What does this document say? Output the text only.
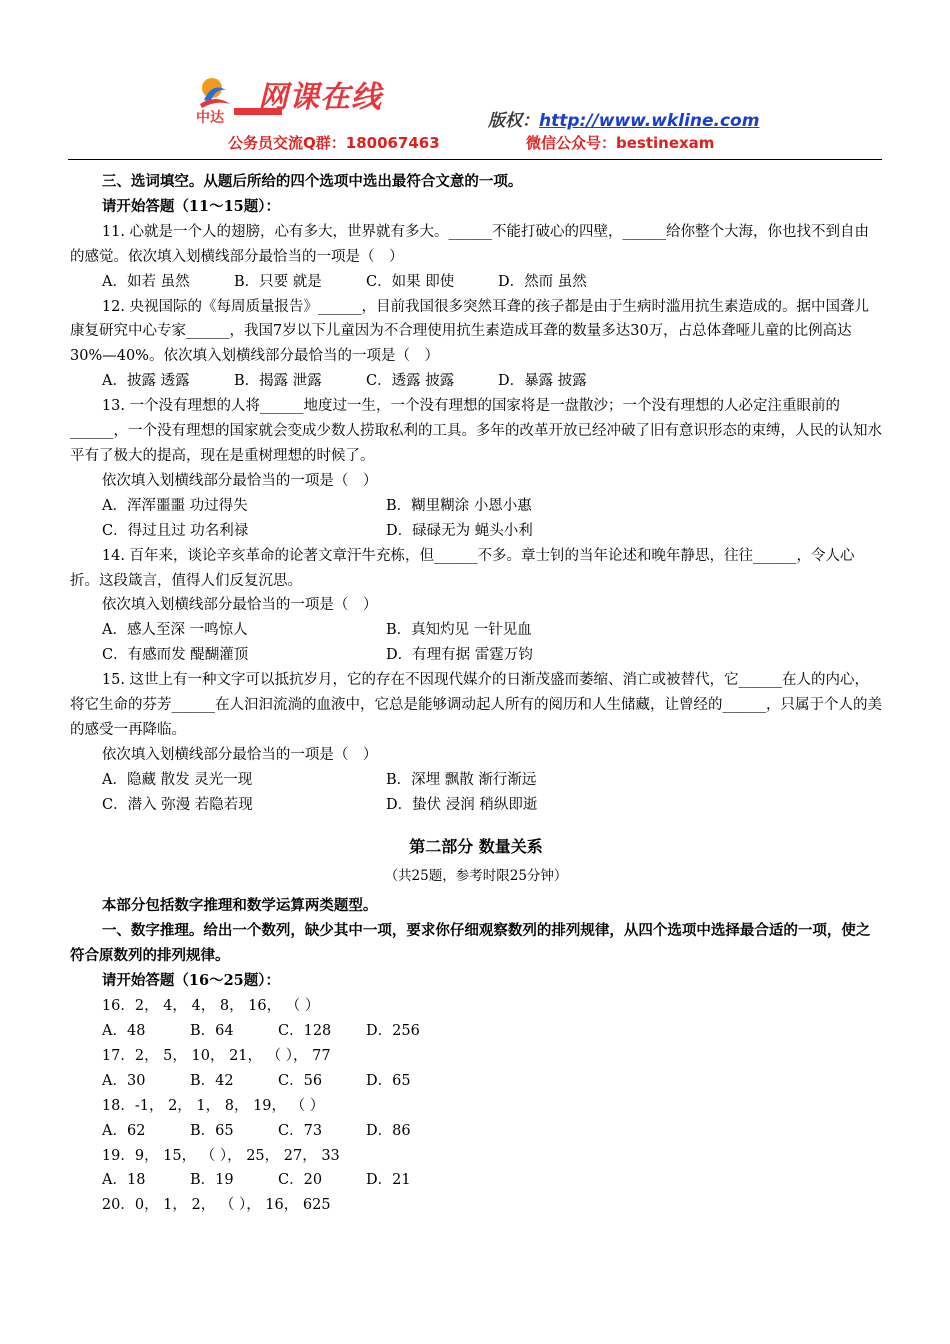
中达
网课在线
版权：http://www.wkline.com
公务员交流Q群：180067463	微信公众号：bestinexam

三、选词填空。从题后所给的四个选项中选出最符合文意的一项。

请开始答题（11～15题）：

11. 心就是一个人的翅膀，心有多大，世界就有多大。______不能打破心的四壁，______给你整个大海，你也找不到自由的感觉。依次填入划横线部分最恰当的一项是（　）

A．如若 虽然	B．只要 就是	C．如果 即使	D．然而 虽然

12. 央视国际的《每周质量报告》______，目前我国很多突然耳聋的孩子都是由于生病时滥用抗生素造成的。据中国聋儿康复研究中心专家______，我国7岁以下儿童因为不合理使用抗生素造成耳聋的数量多达30万，占总体聋哑儿童的比例高达30%—40%。依次填入划横线部分最恰当的一项是（　）

A．披露 透露	B．揭露 泄露	C．透露 披露	D．暴露 披露

13. 一个没有理想的人将______地度过一生，一个没有理想的国家将是一盘散沙；一个没有理想的人必定注重眼前的______，一个没有理想的国家就会变成少数人捞取私利的工具。多年的改革开放已经冲破了旧有意识形态的束缚，人民的认知水平有了极大的提高，现在是重树理想的时候了。

依次填入划横线部分最恰当的一项是（　）

A．浑浑噩噩 功过得失	B．糊里糊涂 小恩小惠
C．得过且过 功名利禄	D．碌碌无为 蝇头小利

14. 百年来，谈论辛亥革命的论著文章汗牛充栋，但______不多。章士钊的当年论述和晚年静思，往往______，令人心折。这段箴言，值得人们反复沉思。

依次填入划横线部分最恰当的一项是（　）

A．感人至深 一鸣惊人	B．真知灼见 一针见血
C．有感而发 醍醐灌顶	D．有理有据 雷霆万钧

15. 这世上有一种文字可以抵抗岁月，它的存在不因现代媒介的日渐茂盛而萎缩、消亡或被替代，它______在人的内心，将它生命的芬芳______在人汩汩流淌的血液中，它总是能够调动起人所有的阅历和人生储藏，让曾经的______，只属于个人的美的感受一再降临。

依次填入划横线部分最恰当的一项是（　）

A．隐藏 散发 灵光一现	B．深埋 飘散 渐行渐远
C．潜入 弥漫 若隐若现	D．蛰伏 浸润 稍纵即逝

第二部分 数量关系

（共25题，参考时限25分钟）

本部分包括数字推理和数学运算两类题型。

一、数字推理。给出一个数列，缺少其中一项，要求你仔细观察数列的排列规律，从四个选项中选择最合适的一项，使之符合原数列的排列规律。

请开始答题（16～25题）：

16．2， 4， 4， 8， 16， （ ）

A．48	B．64	C．128	D．256

17．2， 5， 10， 21， （ ）， 77

A．30	B．42	C．56	D．65

18．-1， 2， 1， 8， 19， （ ）

A．62	B．65	C．73	D．86

19．9， 15， （ ）， 25， 27， 33

A．18	B．19	C．20	D．21

20．0， 1， 2， （ ）， 16， 625
